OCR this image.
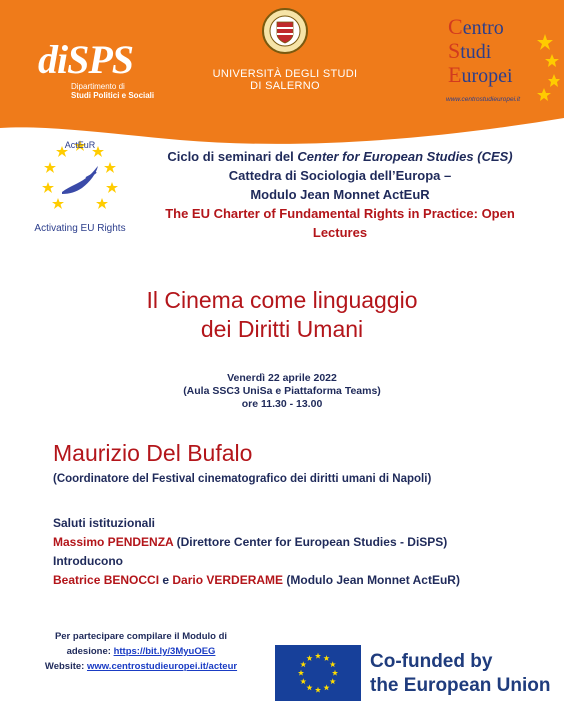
diSPS
Dipartimento di
Studi Politici e Sociali
UNIVERSITÀ DEGLI STUDI
DI SALERNO
Centro
Studi
Europei
www.centrostudieuropei.it
ActEuR
Activating EU Rights
Ciclo di seminari del Center for European Studies (CES)
Cattedra di Sociologia dell’Europa –
Modulo Jean Monnet ActEuR
The EU Charter of Fundamental Rights in Practice: Open
Lectures
Il Cinema come linguaggio
dei Diritti Umani
Venerdì 22 aprile 2022
(Aula SSC3 UniSa e Piattaforma Teams)
ore 11.30 - 13.00
Maurizio Del Bufalo
(Coordinatore del Festival cinematografico dei diritti umani di Napoli)
Saluti istituzionali
Massimo PENDENZA (Direttore Center for European Studies - DiSPS)
Introducono
Beatrice BENOCCI e Dario VERDERAME (Modulo Jean Monnet ActEuR)
Per partecipare compilare il Modulo di
adesione: https://bit.ly/3MyuOEG
Website: www.centrostudieuropei.it/acteur	Co-funded by
the European Union
